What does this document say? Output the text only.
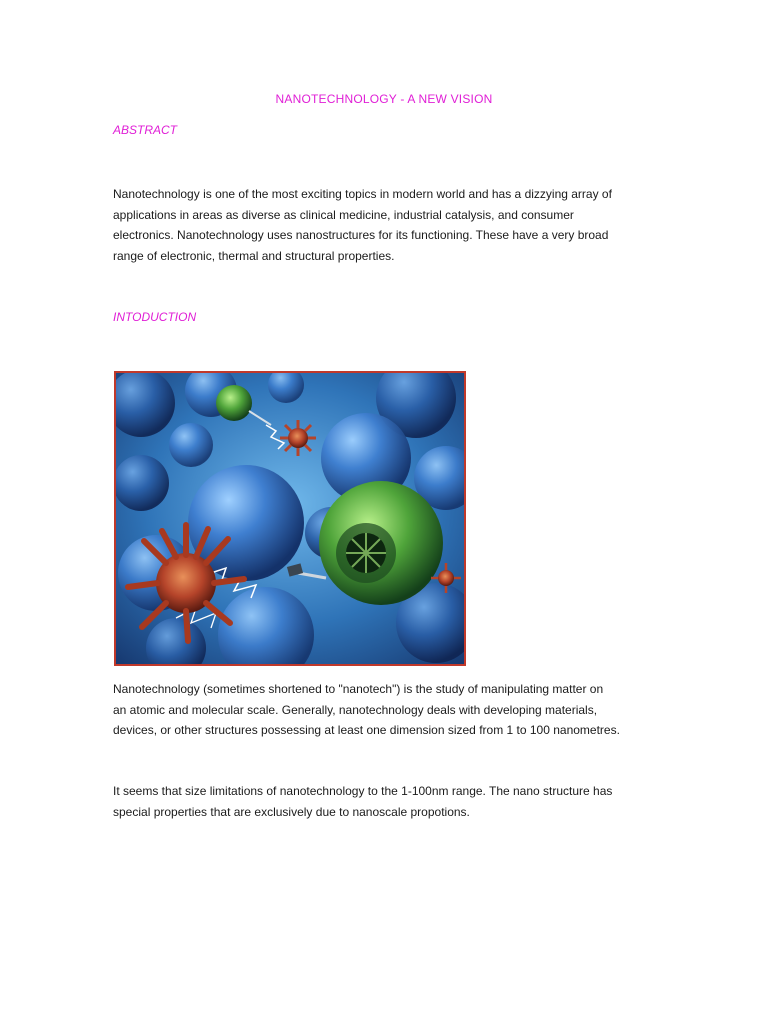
NANOTECHNOLOGY - A NEW VISION
ABSTRACT
Nanotechnology is one of the most exciting topics in modern world and has a dizzying array of
applications in areas as diverse as clinical medicine, industrial catalysis, and consumer
electronics. Nanotechnology uses nanostructures for its functioning. These have a very broad
range of electronic, thermal and structural properties.
INTODUCTION
Nanotechnology (sometimes shortened to "nanotech") is the study of manipulating matter on
an atomic and molecular scale. Generally, nanotechnology deals with developing materials,
devices, or other structures possessing at least one dimension sized from 1 to 100 nanometres.
It seems that size limitations of nanotechnology to the 1-100nm range. The nano structure has
special properties that are exclusively due to nanoscale propotions.
